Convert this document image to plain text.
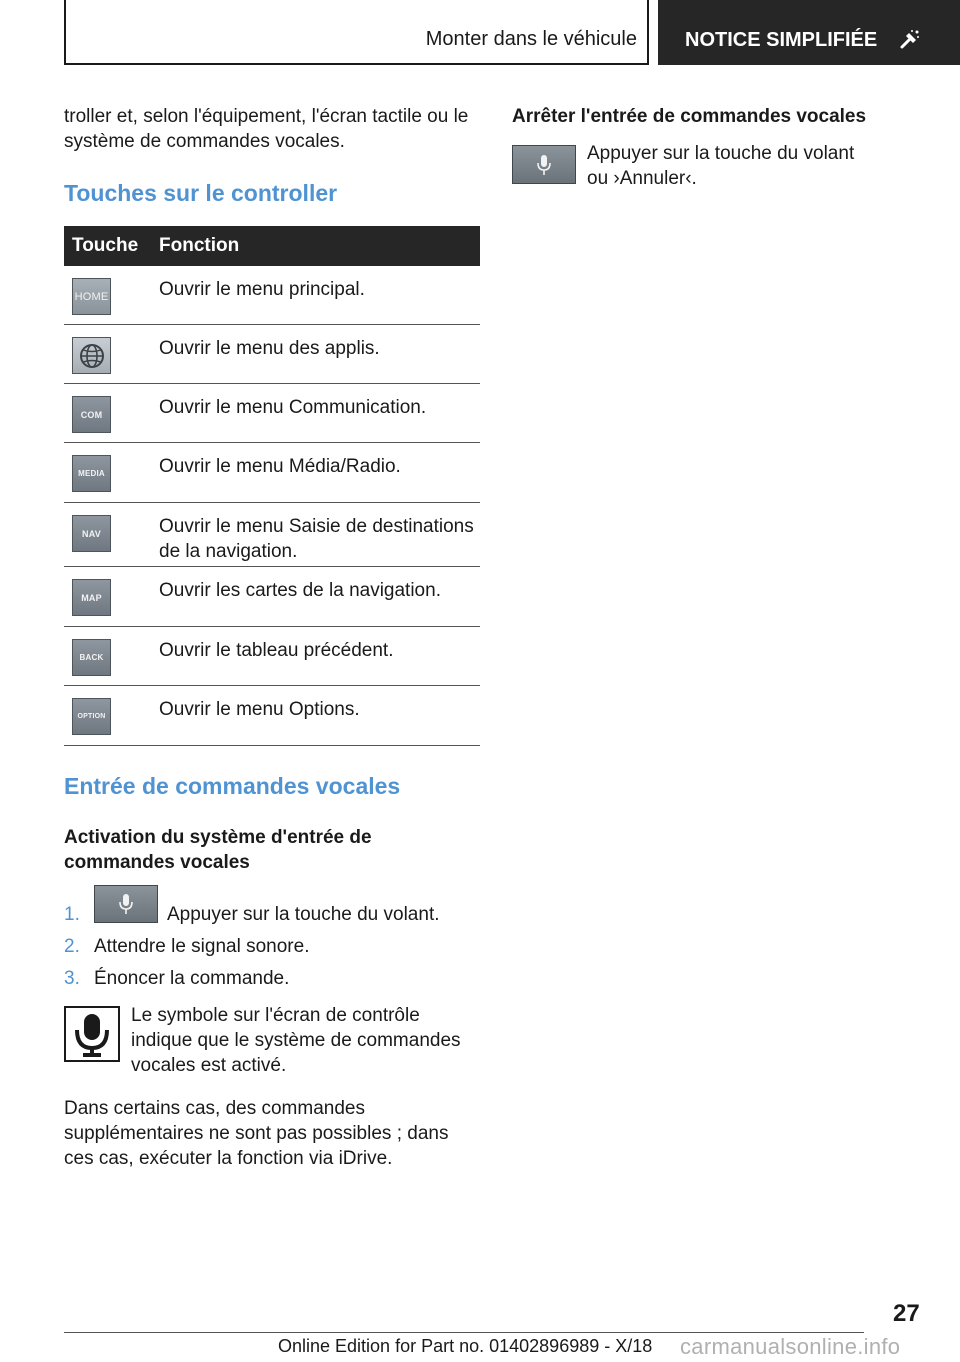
Monter dans le véhicule NOTICE SIMPLIFIÉE

troller et, selon l'équipement, l'écran tactile ou le système de commandes vocales.

Touches sur le controller
Touche Fonction
HOME	Ouvrir le menu principal.
Ouvrir le menu des applis.
COM	Ouvrir le menu Communication.
MEDIA	Ouvrir le menu Média/Radio.
NAV	Ouvrir le menu Saisie de destinations de la navigation.
MAP	Ouvrir les cartes de la navigation.
BACK	Ouvrir le tableau précédent.
OPTION	Ouvrir le menu Options.
Entrée de commandes vocales
Activation du système d'entrée de commandes vocales
1.	Appuyer sur la touche du volant.
2. Attendre le signal sonore.
3. Énoncer la commande.

Le symbole sur l'écran de contrôle indique que le système de commandes vocales est activé.

Dans certains cas, des commandes supplémentaires ne sont pas possibles ; dans ces cas, exécuter la fonction via iDrive.

Arrêter l'entrée de commandes vocales

Appuyer sur la touche du volant ou ›Annuler‹.

27
Online Edition for Part no. 01402896989 - X/18 carmanualsonline.info
